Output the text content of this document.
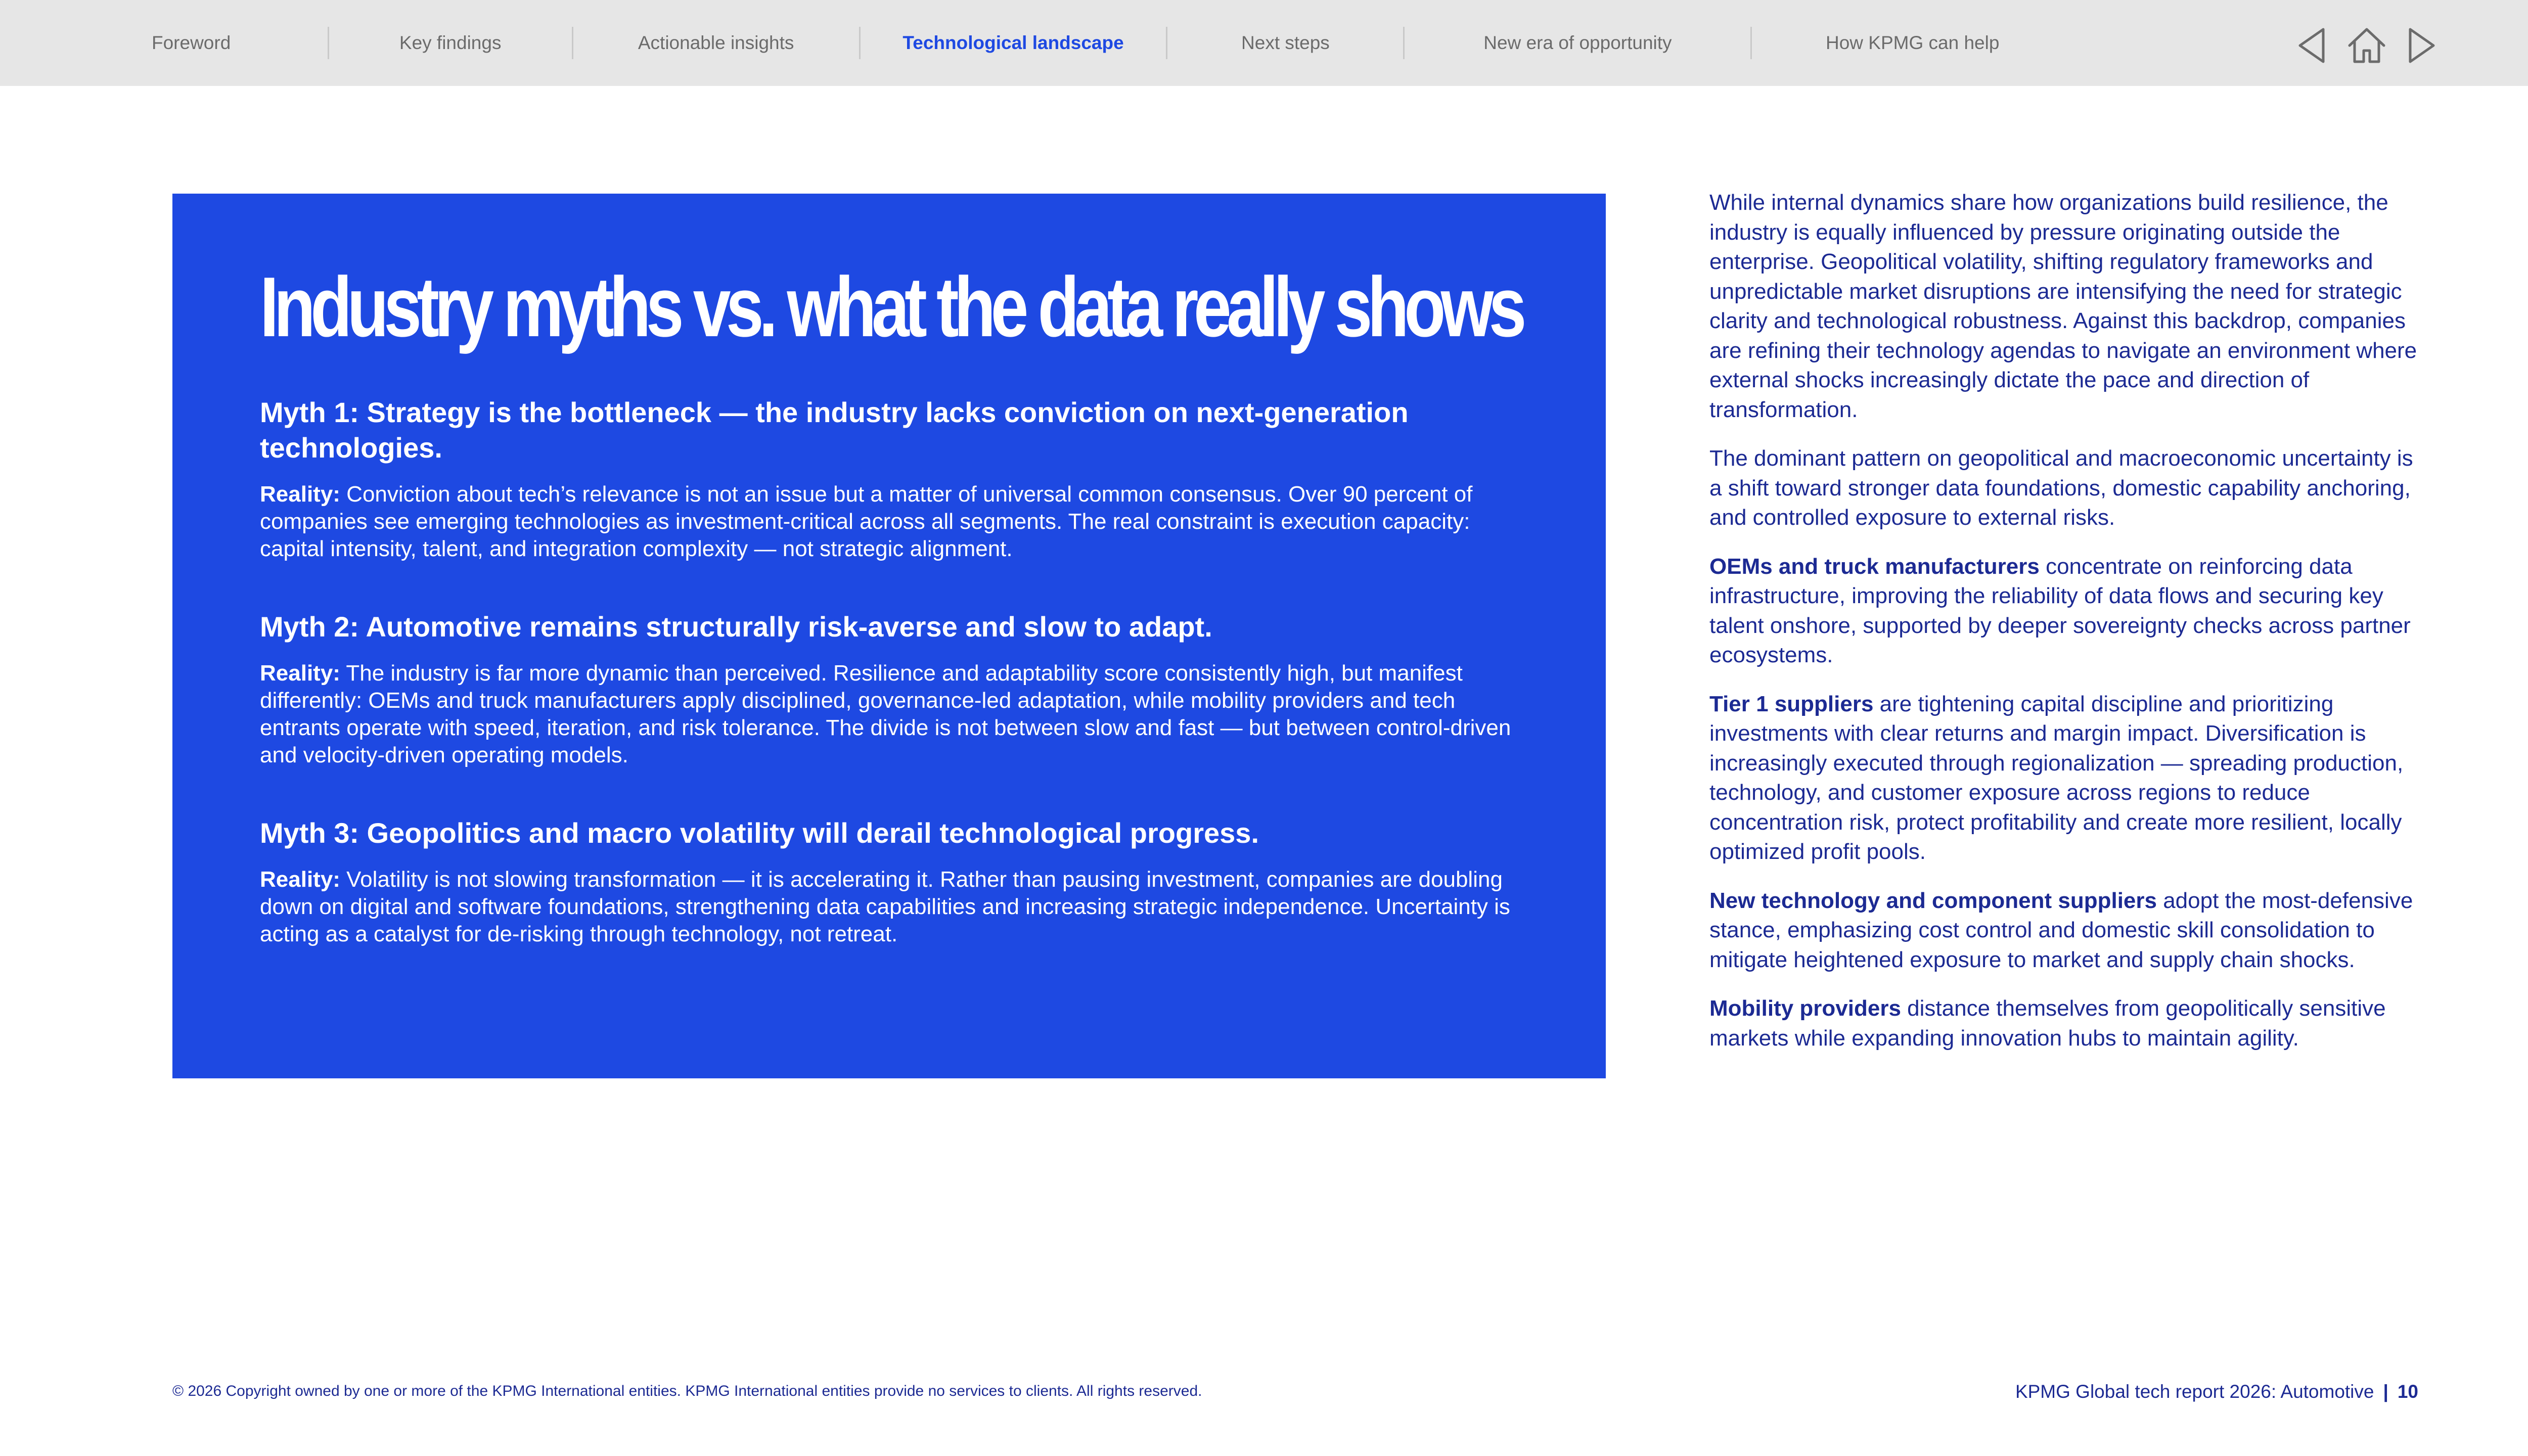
Foreword	Key findings	Actionable insights	Technological landscape	Next steps	New era of opportunity	How KPMG can help
Industry myths vs. what the data really shows

Myth 1: Strategy is the bottleneck — the industry lacks conviction on next-generation technologies.

Reality: Conviction about tech’s relevance is not an issue but a matter of universal common consensus. Over 90 percent of companies see emerging technologies as investment-critical across all segments. The real constraint is execution capacity: capital intensity, talent, and integration complexity — not strategic alignment.

Myth 2: Automotive remains structurally risk-averse and slow to adapt.

Reality: The industry is far more dynamic than perceived. Resilience and adaptability score consistently high, but manifest differently: OEMs and truck manufacturers apply disciplined, governance-led adaptation, while mobility providers and tech entrants operate with speed, iteration, and risk tolerance. The divide is not between slow and fast — but between control-driven and velocity-driven operating models.

Myth 3: Geopolitics and macro volatility will derail technological progress.

Reality: Volatility is not slowing transformation — it is accelerating it. Rather than pausing investment, companies are doubling down on digital and software foundations, strengthening data capabilities and increasing strategic independence. Uncertainty is acting as a catalyst for de-risking through technology, not retreat.

While internal dynamics share how organizations build resilience, the industry is equally influenced by pressure originating outside the enterprise. Geopolitical volatility, shifting regulatory frameworks and unpredictable market disruptions are intensifying the need for strategic clarity and technological robustness. Against this backdrop, companies are refining their technology agendas to navigate an environment where external shocks increasingly dictate the pace and direction of transformation.

The dominant pattern on geopolitical and macroeconomic uncertainty is a shift toward stronger data foundations, domestic capability anchoring, and controlled exposure to external risks.

OEMs and truck manufacturers concentrate on reinforcing data infrastructure, improving the reliability of data flows and securing key talent onshore, supported by deeper sovereignty checks across partner ecosystems.

Tier 1 suppliers are tightening capital discipline and prioritizing investments with clear returns and margin impact. Diversification is increasingly executed through regionalization — spreading production, technology, and customer exposure across regions to reduce concentration risk, protect profitability and create more resilient, locally optimized profit pools.

New technology and component suppliers adopt the most-defensive stance, emphasizing cost control and domestic skill consolidation to mitigate heightened exposure to market and supply chain shocks.

Mobility providers distance themselves from geopolitically sensitive markets while expanding innovation hubs to maintain agility.

© 2026 Copyright owned by one or more of the KPMG International entities. KPMG International entities provide no services to clients. All rights reserved.	KPMG Global tech report 2026: Automotive | 10
